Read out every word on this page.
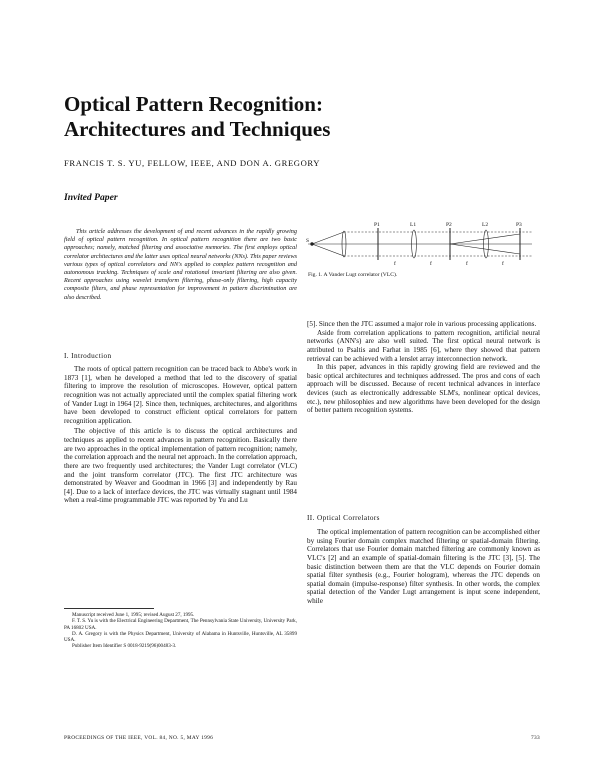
Optical Pattern Recognition:
Architectures and Techniques
FRANCIS T. S. YU, FELLOW, IEEE, AND DON A. GREGORY
Invited Paper

This article addresses the development of and recent advances in the rapidly growing field of optical pattern recognition. In optical pattern recognition there are two basic approaches; namely, matched filtering and associative memories. The first employs optical correlator architectures and the latter uses optical neural networks (NNs). This paper reviews various types of optical correlators and NN's applied to complex pattern recognition and autonomous tracking. Techniques of scale and rotational invariant filtering are also given. Recent approaches using wavelet transform filtering, phase-only filtering, high capacity composite filters, and phase representation for improvement in pattern discrimination are also described.

I. Introduction

The roots of optical pattern recognition can be traced back to Abbe's work in 1873 [1], when he developed a method that led to the discovery of spatial filtering to improve the resolution of microscopes. However, optical pattern recognition was not actually appreciated until the complex spatial filtering work of Vander Lugt in 1964 [2]. Since then, techniques, architectures, and algorithms have been developed to construct efficient optical correlators for pattern recognition application.

The objective of this article is to discuss the optical architectures and techniques as applied to recent advances in pattern recognition. Basically there are two approaches in the optical implementation of pattern recognition; namely, the correlation approach and the neural net approach. In the correlation approach, there are two frequently used architectures; the Vander Lugt correlator (VLC) and the joint transform correlator (JTC). The first JTC architecture was demonstrated by Weaver and Goodman in 1966 [3] and independently by Rau [4]. Due to a lack of interface devices, the JTC was virtually stagnant until 1984 when a real-time programmable JTC was reported by Yu and Lu

Manuscript received June 1, 1995; revised August 27, 1995.

F. T. S. Yu is with the Electrical Engineering Department, The Pennsylvania State University, University Park, PA 16802 USA.

D. A. Gregory is with the Physics Department, University of Alabama in Huntsville, Huntsville, AL 35899 USA.

Publisher Item Identifier S 0018-9219(96)00483-3.

P1	L1	P2	L2	P3
S
f	f	f	f
Fig. 1. A Vander Lugt correlator (VLC).

[5]. Since then the JTC assumed a major role in various processing applications.

Aside from correlation applications to pattern recognition, artificial neural networks (ANN's) are also well suited. The first optical neural network is attributed to Psaltis and Farhat in 1985 [6], where they showed that pattern retrieval can be achieved with a lenslet array interconnection network.

In this paper, advances in this rapidly growing field are reviewed and the basic optical architectures and techniques addressed. The pros and cons of each approach will be discussed. Because of recent technical advances in interface devices (such as electronically addressable SLM's, nonlinear optical devices, etc.), new philosophies and new algorithms have been developed for the design of better pattern recognition systems.

II. Optical Correlators

The optical implementation of pattern recognition can be accomplished either by using Fourier domain complex matched filtering or spatial-domain filtering. Correlators that use Fourier domain matched filtering are commonly known as VLC's [2] and an example of spatial-domain filtering is the JTC [3], [5]. The basic distinction between them are that the VLC depends on Fourier domain spatial filter synthesis (e.g., Fourier hologram), whereas the JTC depends on spatial domain (impulse-response) filter synthesis. In other words, the complex spatial detection of the Vander Lugt arrangement is input scene independent, while

PROCEEDINGS OF THE IEEE, VOL. 84, NO. 5, MAY 1996	733
